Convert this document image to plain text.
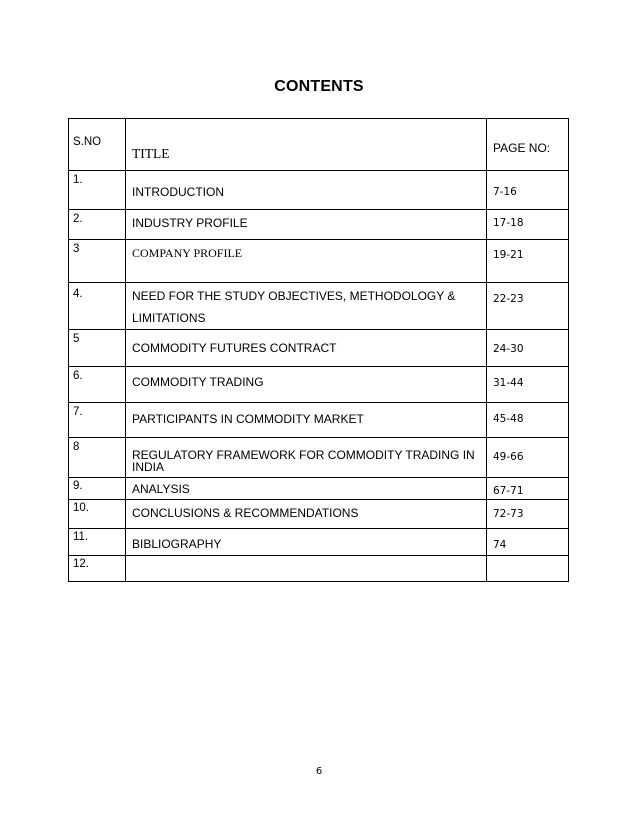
CONTENTS
S.NO	TITLE	PAGE NO:

1.	INTRODUCTION	7-16

2.	INDUSTRY PROFILE	17-18

3	COMPANY PROFILE	19-21

4.	NEED FOR THE STUDY OBJECTIVES, METHODOLOGY & LIMITATIONS	22-23

5	COMMODITY FUTURES CONTRACT	24-30

6.	COMMODITY TRADING	31-44

7.	PARTICIPANTS IN COMMODITY MARKET	45-48

8	REGULATORY FRAMEWORK FOR COMMODITY TRADING IN INDIA	49-66

9.	ANALYSIS	67-71

10.	CONCLUSIONS & RECOMMENDATIONS	72-73

11.	BIBLIOGRAPHY	74

12.		

6
